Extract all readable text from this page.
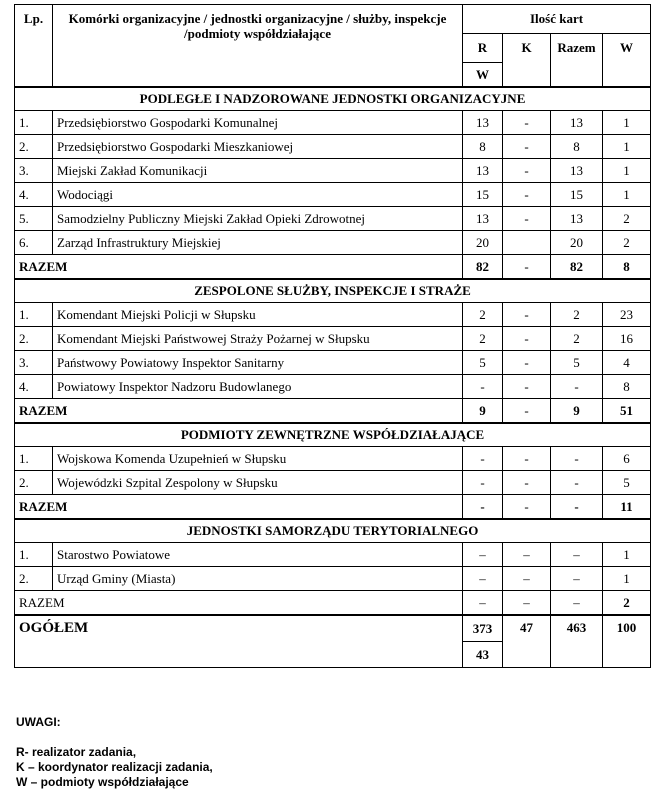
Lp.	Komórki organizacyjne / jednostki organizacyjne / służby, inspekcje /podmioty współdziałające	Ilość kart			
		R	K	Razem	W
		W			
PODLEGŁE I NADZOROWANE JEDNOSTKI ORGANIZACYJNE					
1.	Przedsiębiorstwo Gospodarki Komunalnej	13	-	13	1
2.	Przedsiębiorstwo Gospodarki Mieszkaniowej	8	-	8	1
3.	Miejski Zakład Komunikacji	13	-	13	1
4.	Wodociągi	15	-	15	1
5.	Samodzielny Publiczny Miejski Zakład Opieki Zdrowotnej	13	-	13	2
6.	Zarząd Infrastruktury Miejskiej	20		20	2
RAZEM		82	-	82	8
ZESPOLONE SŁUŻBY, INSPEKCJE I STRAŻE					
1.	Komendant Miejski Policji w Słupsku	2	-	2	23
2.	Komendant Miejski Państwowej Straży Pożarnej w Słupsku	2	-	2	16
3.	Państwowy Powiatowy Inspektor Sanitarny	5	-	5	4
4.	Powiatowy Inspektor Nadzoru Budowlanego	-	-	-	8
RAZEM		9	-	9	51
PODMIOTY ZEWNĘTRZNE WSPÓŁDZIAŁAJĄCE					
1.	Wojskowa Komenda Uzupełnień w Słupsku	-	-	-	6
2.	Wojewódzki Szpital Zespolony w Słupsku	-	-	-	5
RAZEM		-	-	-	11
JEDNOSTKI SAMORZĄDU TERYTORIALNEGO					
1.	Starostwo Powiatowe	–	–	–	1
2.	Urząd Gminy (Miasta)	–	–	–	1
RAZEM		–	–	–	2
OGÓŁEM		373	47	463	100
		43			
UWAGI:
R- realizator zadania,
K – koordynator realizacji zadania,
W – podmioty współdziałające
